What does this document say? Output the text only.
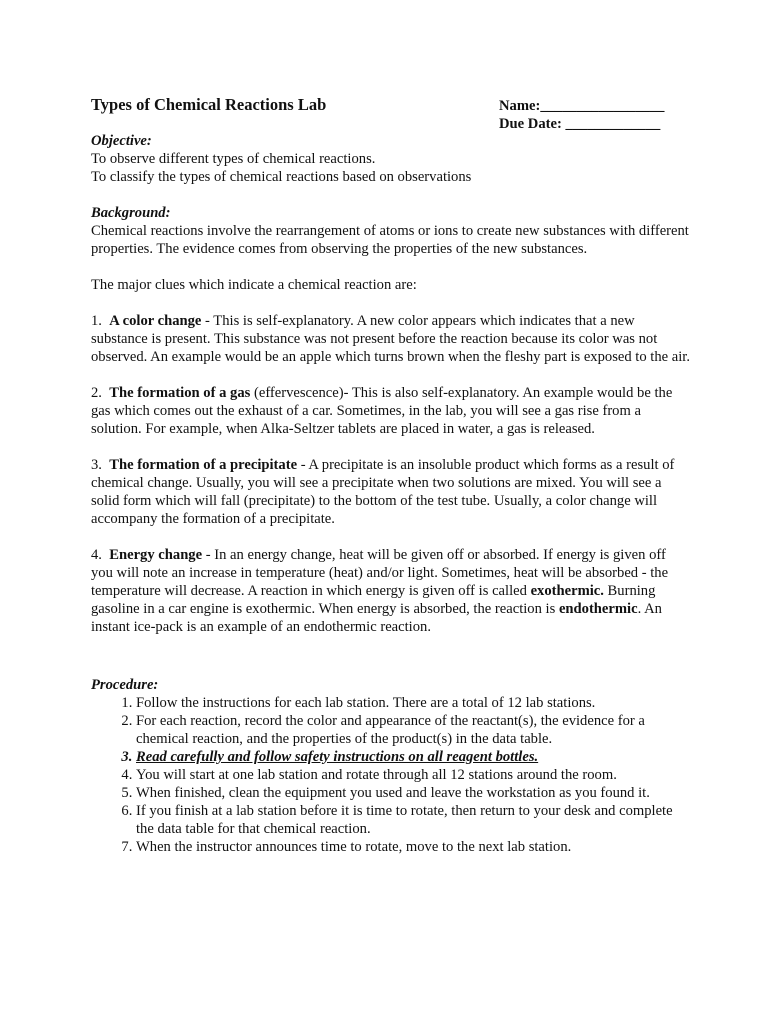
Types of Chemical Reactions Lab	Name:_________________
Due Date: _____________
Objective:

To observe different types of chemical reactions.

To classify the types of chemical reactions based on observations

Background:

Chemical reactions involve the rearrangement of atoms or ions to create new substances with different properties. The evidence comes from observing the properties of the new substances.

The major clues which indicate a chemical reaction are:

1. A color change - This is self-explanatory. A new color appears which indicates that a new substance is present. This substance was not present before the reaction because its color was not observed. An example would be an apple which turns brown when the fleshy part is exposed to the air.

2. The formation of a gas (effervescence)- This is also self-explanatory. An example would be the gas which comes out the exhaust of a car. Sometimes, in the lab, you will see a gas rise from a solution. For example, when Alka-Seltzer tablets are placed in water, a gas is released.

3. The formation of a precipitate - A precipitate is an insoluble product which forms as a result of chemical change. Usually, you will see a precipitate when two solutions are mixed. You will see a solid form which will fall (precipitate) to the bottom of the test tube. Usually, a color change will accompany the formation of a precipitate.

4. Energy change - In an energy change, heat will be given off or absorbed. If energy is given off you will note an increase in temperature (heat) and/or light. Sometimes, heat will be absorbed - the temperature will decrease. A reaction in which energy is given off is called exothermic. Burning gasoline in a car engine is exothermic. When energy is absorbed, the reaction is endothermic. An instant ice-pack is an example of an endothermic reaction.

Procedure:
1. Follow the instructions for each lab station. There are a total of 12 lab stations.
2. For each reaction, record the color and appearance of the reactant(s), the evidence for a chemical reaction, and the properties of the product(s) in the data table.
3. Read carefully and follow safety instructions on all reagent bottles.
4. You will start at one lab station and rotate through all 12 stations around the room.
5. When finished, clean the equipment you used and leave the workstation as you found it.
6. If you finish at a lab station before it is time to rotate, then return to your desk and complete the data table for that chemical reaction.
7. When the instructor announces time to rotate, move to the next lab station.
